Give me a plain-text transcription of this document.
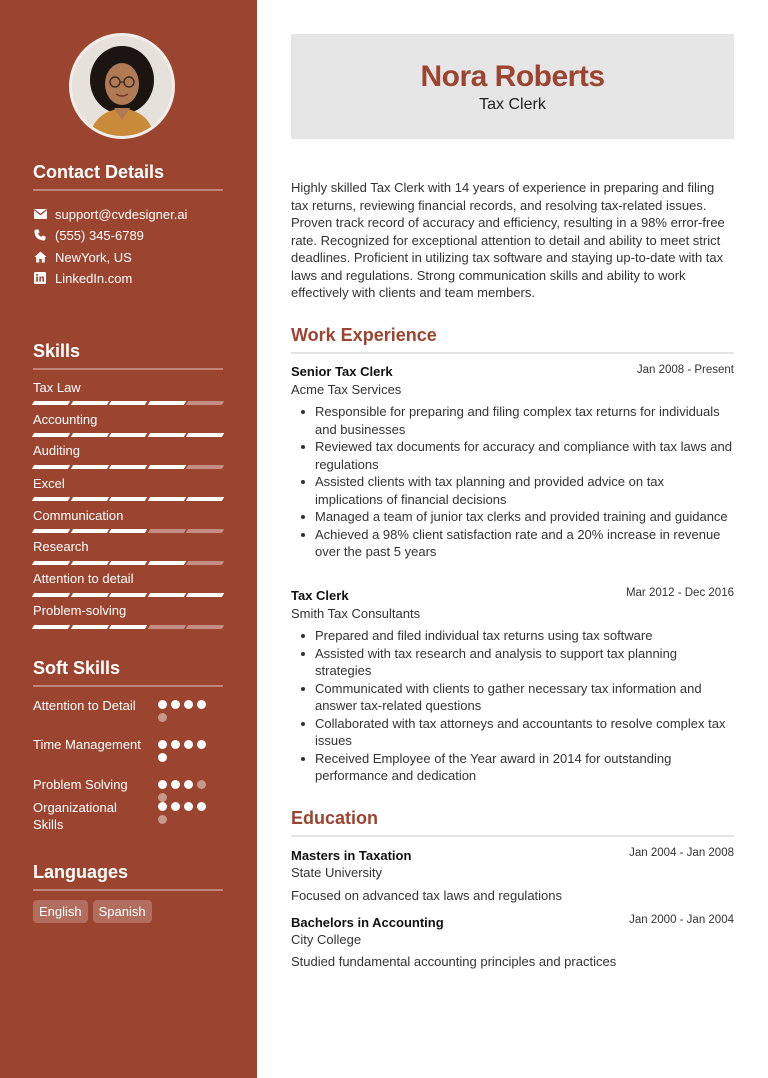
Contact Details
support@cvdesigner.ai
(555) 345-6789
NewYork, US
LinkedIn.com
Skills
Tax Law
Accounting
Auditing
Excel
Communication
Research
Attention to detail
Problem-solving
Soft Skills
Attention to Detail
Time Management
Problem Solving
Organizational Skills
Languages
English	Spanish
Nora Roberts
Tax Clerk
Highly skilled Tax Clerk with 14 years of experience in preparing and filing tax returns, reviewing financial records, and resolving tax-related issues. Proven track record of accuracy and efficiency, resulting in a 98% error-free rate. Recognized for exceptional attention to detail and ability to meet strict deadlines. Proficient in utilizing tax software and staying up-to-date with tax laws and regulations. Strong communication skills and ability to work effectively with clients and team members.
Work Experience
Senior Tax Clerk	Jan 2008 - Present
Acme Tax Services
Responsible for preparing and filing complex tax returns for individuals and businesses
Reviewed tax documents for accuracy and compliance with tax laws and regulations
Assisted clients with tax planning and provided advice on tax implications of financial decisions
Managed a team of junior tax clerks and provided training and guidance
Achieved a 98% client satisfaction rate and a 20% increase in revenue over the past 5 years
Tax Clerk	Mar 2012 - Dec 2016
Smith Tax Consultants
Prepared and filed individual tax returns using tax software
Assisted with tax research and analysis to support tax planning strategies
Communicated with clients to gather necessary tax information and answer tax-related questions
Collaborated with tax attorneys and accountants to resolve complex tax issues
Received Employee of the Year award in 2014 for outstanding performance and dedication
Education
Masters in Taxation	Jan 2004 - Jan 2008
State University
Focused on advanced tax laws and regulations
Bachelors in Accounting	Jan 2000 - Jan 2004
City College
Studied fundamental accounting principles and practices
